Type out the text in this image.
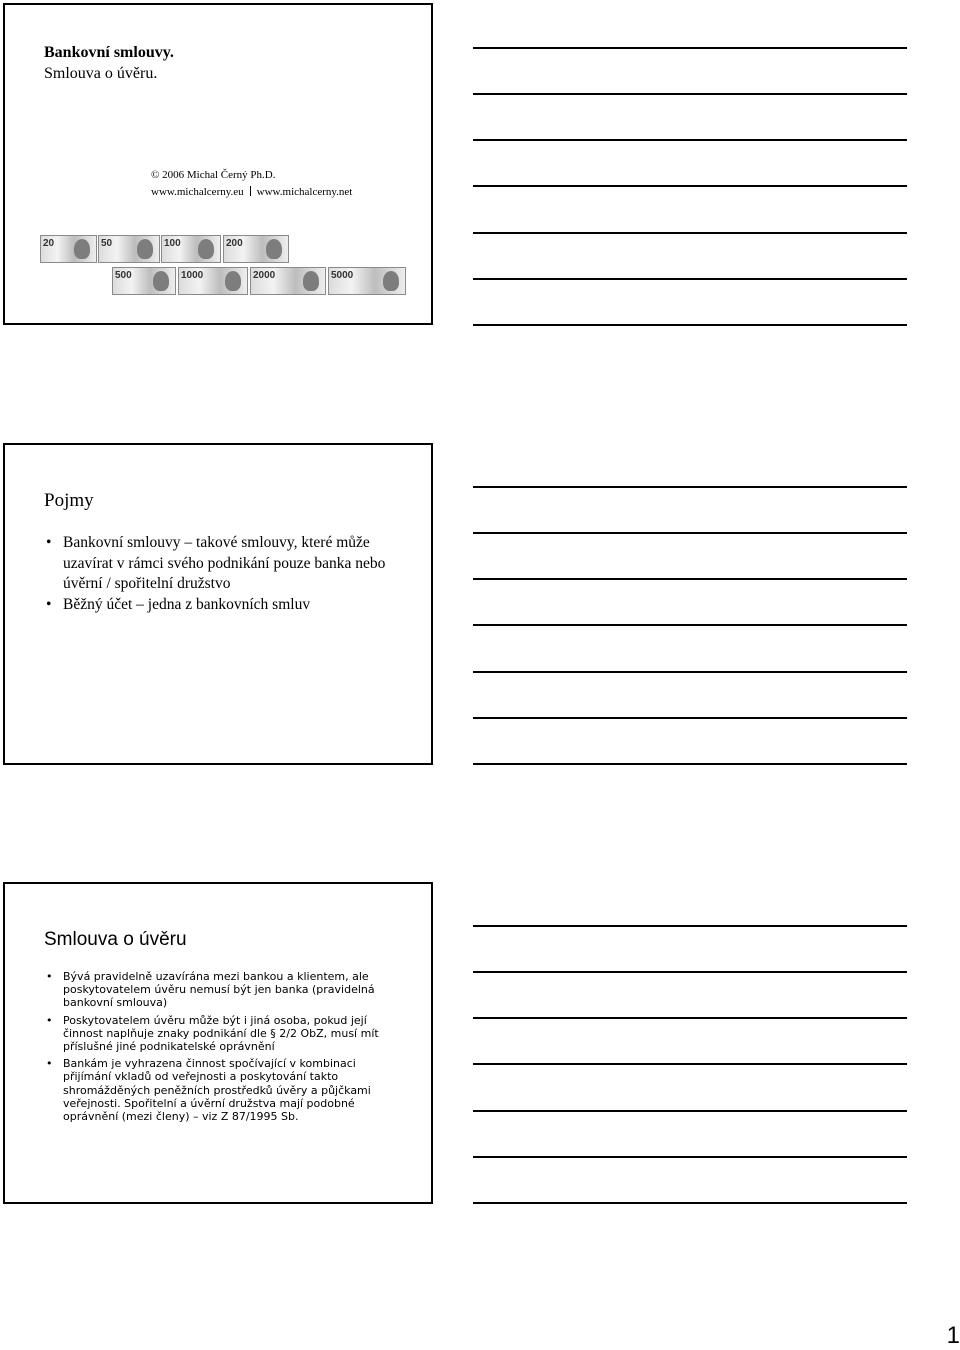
Bankovní smlouvy.
Smlouva o úvěru.
© 2006 Michal Černý Ph.D.
www.michalcerny.eu www.michalcerny.net
20	50	100	200
500	1000	2000	5000
Pojmy
• Bankovní smlouvy – takové smlouvy, které může uzavírat v rámci svého podnikání pouze banka nebo úvěrní / spořitelní družstvo
• Běžný účet – jedna z bankovních smluv
Smlouva o úvěru
• Bývá pravidelně uzavírána mezi bankou a klientem, ale poskytovatelem úvěru nemusí být jen banka (pravidelná bankovní smlouva)
• Poskytovatelem úvěru může být i jiná osoba, pokud její činnost naplňuje znaky podnikání dle § 2/2 ObZ, musí mít příslušné jiné podnikatelské oprávnění
• Bankám je vyhrazena činnost spočívající v kombinaci přijímání vkladů od veřejnosti a poskytování takto shromážděných peněžních prostředků úvěry a půjčkami veřejnosti. Spořitelní a úvěrní družstva mají podobné oprávnění (mezi členy) – viz Z 87/1995 Sb.
1
